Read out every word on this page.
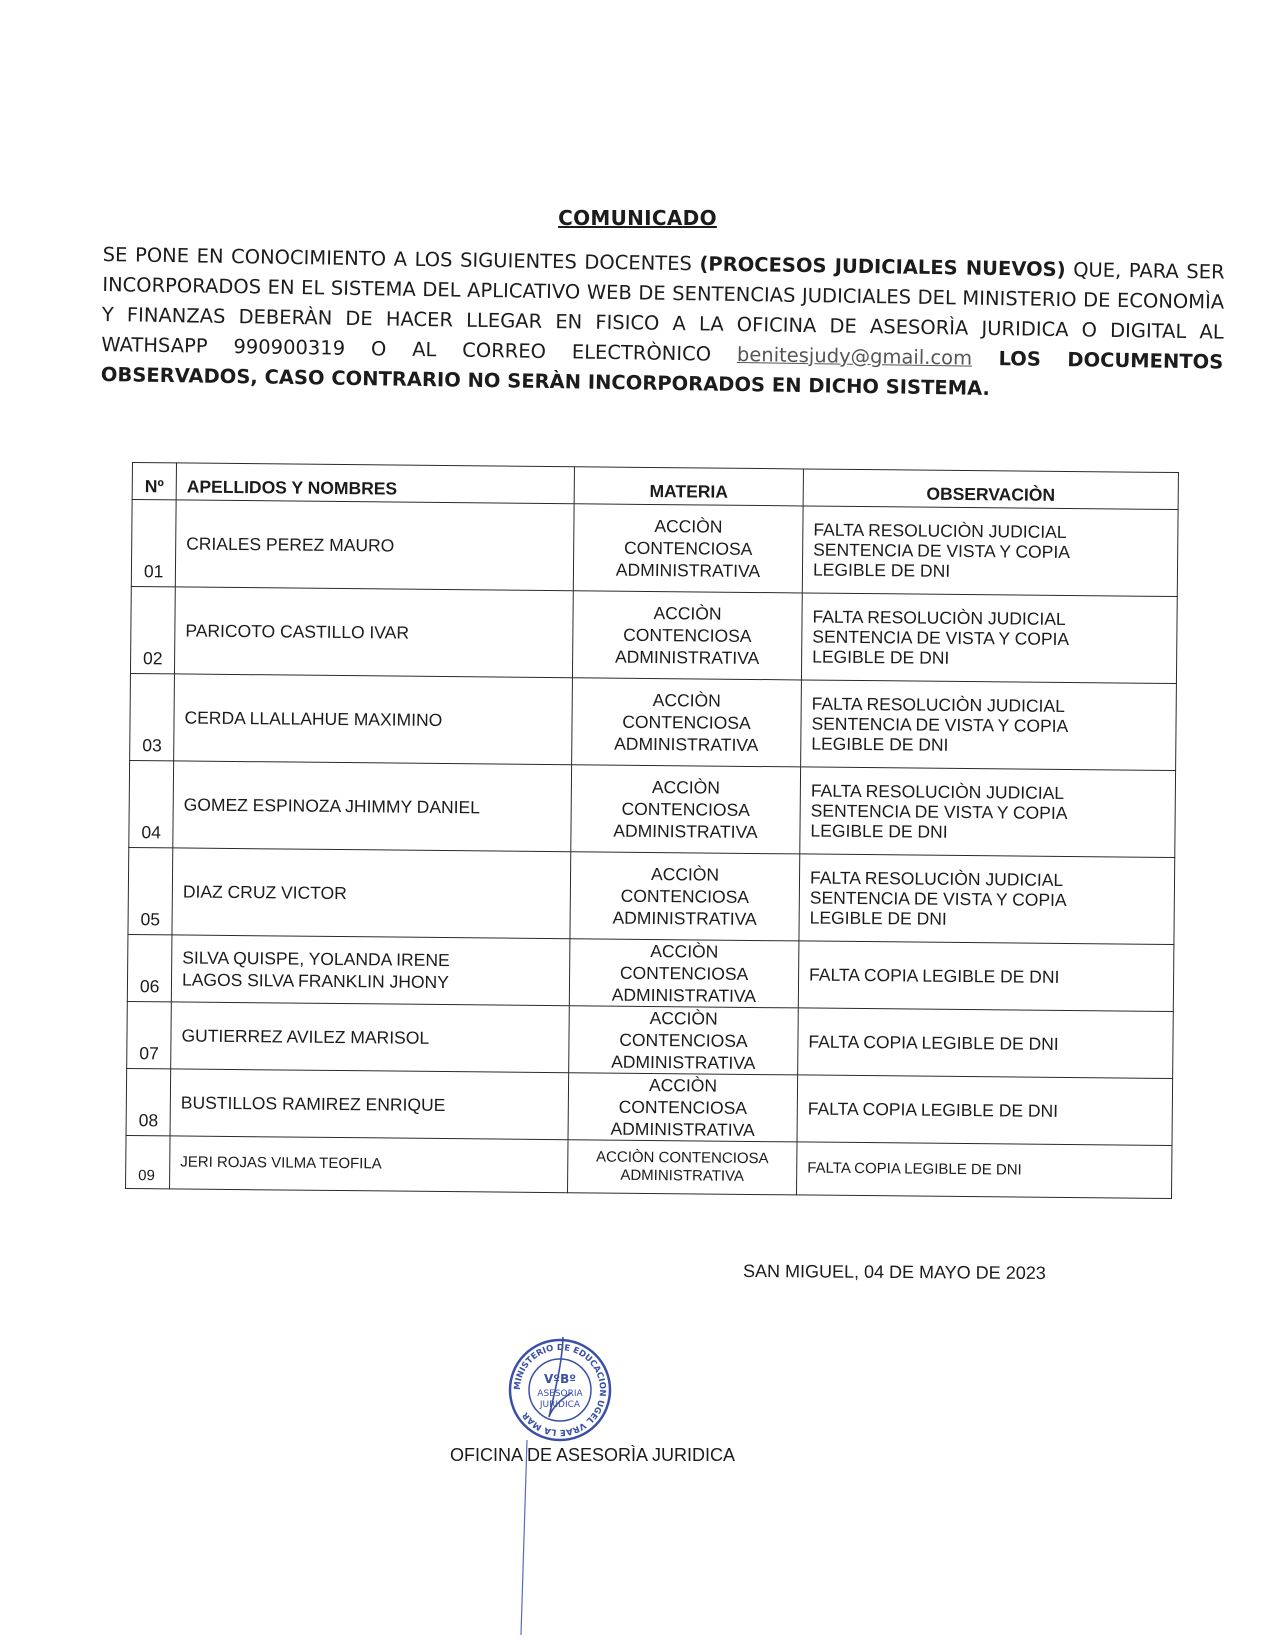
COMUNICADO
SE PONE EN CONOCIMIENTO A LOS SIGUIENTES DOCENTES (PROCESOS JUDICIALES NUEVOS) QUE, PARA SER INCORPORADOS EN EL SISTEMA DEL APLICATIVO WEB DE SENTENCIAS JUDICIALES DEL MINISTERIO DE ECONOMÌA Y FINANZAS DEBERÀN DE HACER LLEGAR EN FISICO A LA OFICINA DE ASESORÌA JURIDICA O DIGITAL AL WATHSAPP 990900319 O AL CORREO ELECTRÒNICO benitesjudy@gmail.com LOS DOCUMENTOS OBSERVADOS, CASO CONTRARIO NO SERÀN INCORPORADOS EN DICHO SISTEMA.
Nº	APELLIDOS Y NOMBRES	MATERIA	OBSERVACIÒN
01	CRIALES PEREZ MAURO	ACCIÒN
CONTENCIOSA
ADMINISTRATIVA	FALTA RESOLUCIÒN JUDICIAL
SENTENCIA DE VISTA Y COPIA
LEGIBLE DE DNI
02	PARICOTO CASTILLO IVAR	ACCIÒN
CONTENCIOSA
ADMINISTRATIVA	FALTA RESOLUCIÒN JUDICIAL
SENTENCIA DE VISTA Y COPIA
LEGIBLE DE DNI
03	CERDA LLALLAHUE MAXIMINO	ACCIÒN
CONTENCIOSA
ADMINISTRATIVA	FALTA RESOLUCIÒN JUDICIAL
SENTENCIA DE VISTA Y COPIA
LEGIBLE DE DNI
04	GOMEZ ESPINOZA JHIMMY DANIEL	ACCIÒN
CONTENCIOSA
ADMINISTRATIVA	FALTA RESOLUCIÒN JUDICIAL
SENTENCIA DE VISTA Y COPIA
LEGIBLE DE DNI
05	DIAZ CRUZ VICTOR	ACCIÒN
CONTENCIOSA
ADMINISTRATIVA	FALTA RESOLUCIÒN JUDICIAL
SENTENCIA DE VISTA Y COPIA
LEGIBLE DE DNI
06	SILVA QUISPE, YOLANDA IRENE
LAGOS SILVA FRANKLIN JHONY	ACCIÒN
CONTENCIOSA
ADMINISTRATIVA	FALTA COPIA LEGIBLE DE DNI
07	GUTIERREZ AVILEZ MARISOL	ACCIÒN
CONTENCIOSA
ADMINISTRATIVA	FALTA COPIA LEGIBLE DE DNI
08	BUSTILLOS RAMIREZ ENRIQUE	ACCIÒN
CONTENCIOSA
ADMINISTRATIVA	FALTA COPIA LEGIBLE DE DNI
09	JERI ROJAS VILMA TEOFILA	ACCIÒN CONTENCIOSA
ADMINISTRATIVA	FALTA COPIA LEGIBLE DE DNI
SAN MIGUEL, 04 DE MAYO DE 2023
MINISTERIO DE EDUCACION UGEL VRAE LA MAR
VºBº
ASESORIA
JURIDICA
OFICINA DE ASESORÌA JURIDICA
